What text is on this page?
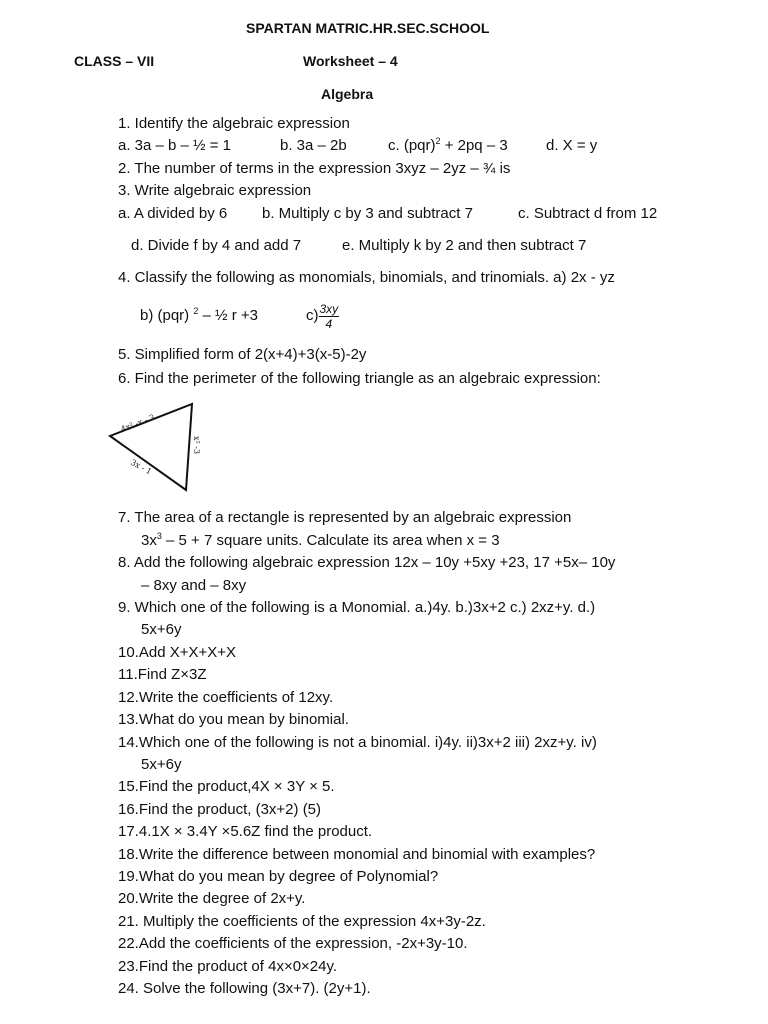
SPARTAN MATRIC.HR.SEC.SCHOOL
CLASS – VII	Worksheet – 4
Algebra
1. Identify the algebraic expression
a. 3a – b – ½ = 1	b. 3a – 2b	c. (pqr)$^2$ + 2pq – 3	d. X = y
2. The number of terms in the expression 3xyz – 2yz – ¾ is
3. Write algebraic expression
a. A divided by 6 b. Multiply c by 3 and subtract 7	c. Subtract d from 12
d. Divide f by 4 and add 7	e. Multiply k by 2 and then subtract 7
4. Classify the following as monomials, binomials, and trinomials. a) 2x - yz
b) (pqr) $^2$ – ½ r +3	$c) \frac{3xy}{4}$
5. Simplified form of 2(x+4)+3(x-5)-2y
6. Find the perimeter of the following triangle as an algebraic expression:
4x² -x - 3
x² -3
3x - 1
7. The area of a rectangle is represented by an algebraic expression
$3x^3 - 5 + 7$ square units. Calculate its area when x = 3
8. Add the following algebraic expression 12x – 10y +5xy +23, 17 +5x– 10y
– 8xy and – 8xy
9. Which one of the following is a Monomial. a.)4y. b.)3x+2 c.) 2xz+y. d.)
5x+6y
10.Add X+X+X+X
11.Find Z×3Z
12.Write the coefficients of 12xy.
13.What do you mean by binomial.
14.Which one of the following is not a binomial. i)4y. ii)3x+2 iii) 2xz+y. iv)
5x+6y
15.Find the product,4X × 3Y × 5.
16.Find the product, (3x+2) (5)
17.4.1X × 3.4Y ×5.6Z find the product.
18.Write the difference between monomial and binomial with examples?
19.What do you mean by degree of Polynomial?
20.Write the degree of 2x+y.
21. Multiply the coefficients of the expression 4x+3y-2z.
22.Add the coefficients of the expression, -2x+3y-10.
23.Find the product of 4x×0×24y.
24. Solve the following (3x+7). (2y+1).
